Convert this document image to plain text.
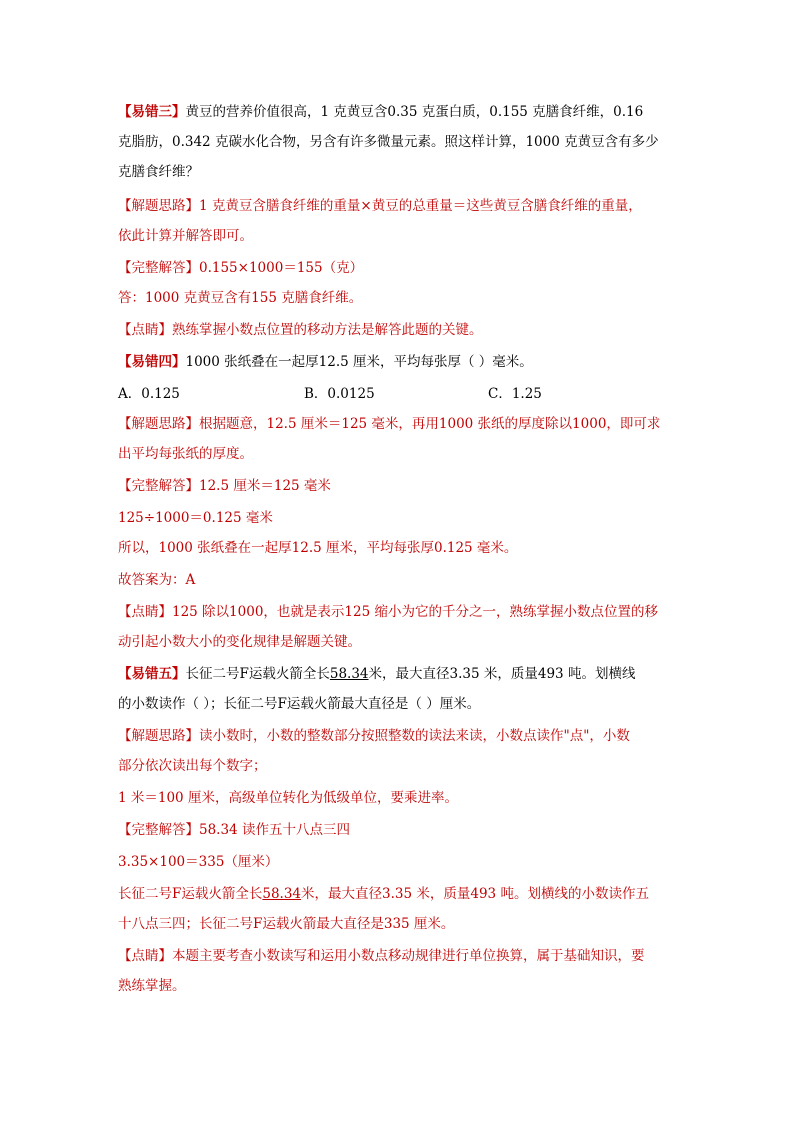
【易错三】黄豆的营养价值很高，1 克黄豆含0.35 克蛋白质，0.155 克膳食纤维，0.16
克脂肪，0.342 克碳水化合物，另含有许多微量元素。照这样计算，1000 克黄豆含有多少
克膳食纤维？
【解题思路】1 克黄豆含膳食纤维的重量×黄豆的总重量＝这些黄豆含膳食纤维的重量，
依此计算并解答即可。
【完整解答】0.155×1000＝155（克）
答：1000 克黄豆含有155 克膳食纤维。
【点睛】熟练掌握小数点位置的移动方法是解答此题的关键。
【易错四】1000 张纸叠在一起厚12.5 厘米，平均每张厚（ ）毫米。
A．0.125	B．0.0125	C．1.25
【解题思路】根据题意，12.5 厘米＝125 毫米，再用1000 张纸的厚度除以1000，即可求
出平均每张纸的厚度。
【完整解答】12.5 厘米＝125 毫米
125÷1000＝0.125 毫米
所以，1000 张纸叠在一起厚12.5 厘米，平均每张厚0.125 毫米。
故答案为：A
【点睛】125 除以1000，也就是表示125 缩小为它的千分之一，熟练掌握小数点位置的移
动引起小数大小的变化规律是解题关键。
【易错五】长征二号F运载火箭全长58.34米，最大直径3.35 米，质量493 吨。划横线
的小数读作（ ）；长征二号F运载火箭最大直径是（ ）厘米。
【解题思路】读小数时，小数的整数部分按照整数的读法来读，小数点读作"点"，小数
部分依次读出每个数字；
1 米＝100 厘米，高级单位转化为低级单位，要乘进率。
【完整解答】58.34 读作五十八点三四
3.35×100＝335（厘米）
长征二号F运载火箭全长58.34米，最大直径3.35 米，质量493 吨。划横线的小数读作五
十八点三四；长征二号F运载火箭最大直径是335 厘米。
【点睛】本题主要考查小数读写和运用小数点移动规律进行单位换算，属于基础知识，要
熟练掌握。
